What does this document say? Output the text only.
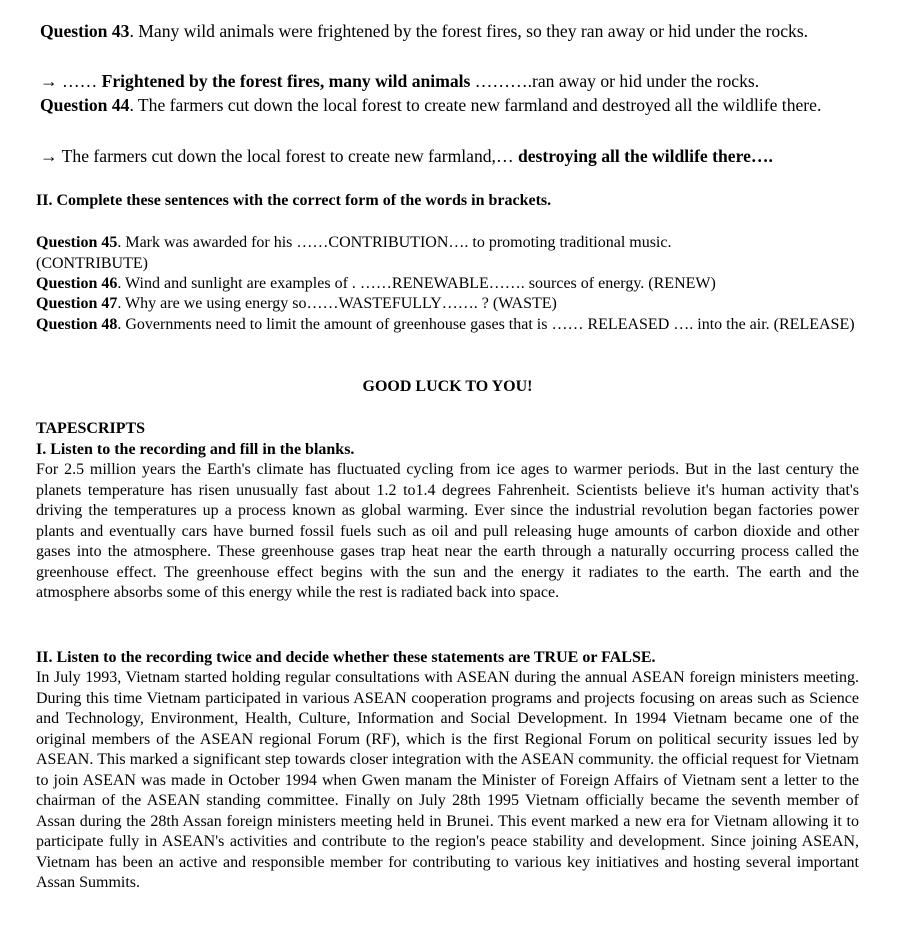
Question 43. Many wild animals were frightened by the forest fires, so they ran away or hid under the rocks.
→ …… Frightened by the forest fires, many wild animals ……….ran away or hid under the rocks.
Question 44. The farmers cut down the local forest to create new farmland and destroyed all the wildlife there.
→ The farmers cut down the local forest to create new farmland,… destroying all the wildlife there….
II. Complete these sentences with the correct form of the words in brackets.
Question 45. Mark was awarded for his ……CONTRIBUTION…. to promoting traditional music. (CONTRIBUTE)
Question 46. Wind and sunlight are examples of . ……RENEWABLE……. sources of energy. (RENEW)
Question 47. Why are we using energy so……WASTEFULLY……. ? (WASTE)
Question 48. Governments need to limit the amount of greenhouse gases that is …… RELEASED …. into the air. (RELEASE)
GOOD LUCK TO YOU!
TAPESCRIPTS
I. Listen to the recording and fill in the blanks.
For 2.5 million years the Earth's climate has fluctuated cycling from ice ages to warmer periods. But in the last century the planets temperature has risen unusually fast about 1.2 to1.4 degrees Fahrenheit. Scientists believe it's human activity that's driving the temperatures up a process known as global warming. Ever since the industrial revolution began factories power plants and eventually cars have burned fossil fuels such as oil and pull releasing huge amounts of carbon dioxide and other gases into the atmosphere. These greenhouse gases trap heat near the earth through a naturally occurring process called the greenhouse effect. The greenhouse effect begins with the sun and the energy it radiates to the earth. The earth and the atmosphere absorbs some of this energy while the rest is radiated back into space.
II. Listen to the recording twice and decide whether these statements are TRUE or FALSE.
In July 1993, Vietnam started holding regular consultations with ASEAN during the annual ASEAN foreign ministers meeting. During this time Vietnam participated in various ASEAN cooperation programs and projects focusing on areas such as Science and Technology, Environment, Health, Culture, Information and Social Development. In 1994 Vietnam became one of the original members of the ASEAN regional Forum (RF), which is the first Regional Forum on political security issues led by ASEAN. This marked a significant step towards closer integration with the ASEAN community. the official request for Vietnam to join ASEAN was made in October 1994 when Gwen manam the Minister of Foreign Affairs of Vietnam sent a letter to the chairman of the ASEAN standing committee. Finally on July 28th 1995 Vietnam officially became the seventh member of Assan during the 28th Assan foreign ministers meeting held in Brunei. This event marked a new era for Vietnam allowing it to participate fully in ASEAN's activities and contribute to the region's peace stability and development. Since joining ASEAN, Vietnam has been an active and responsible member for contributing to various key initiatives and hosting several important Assan Summits.
